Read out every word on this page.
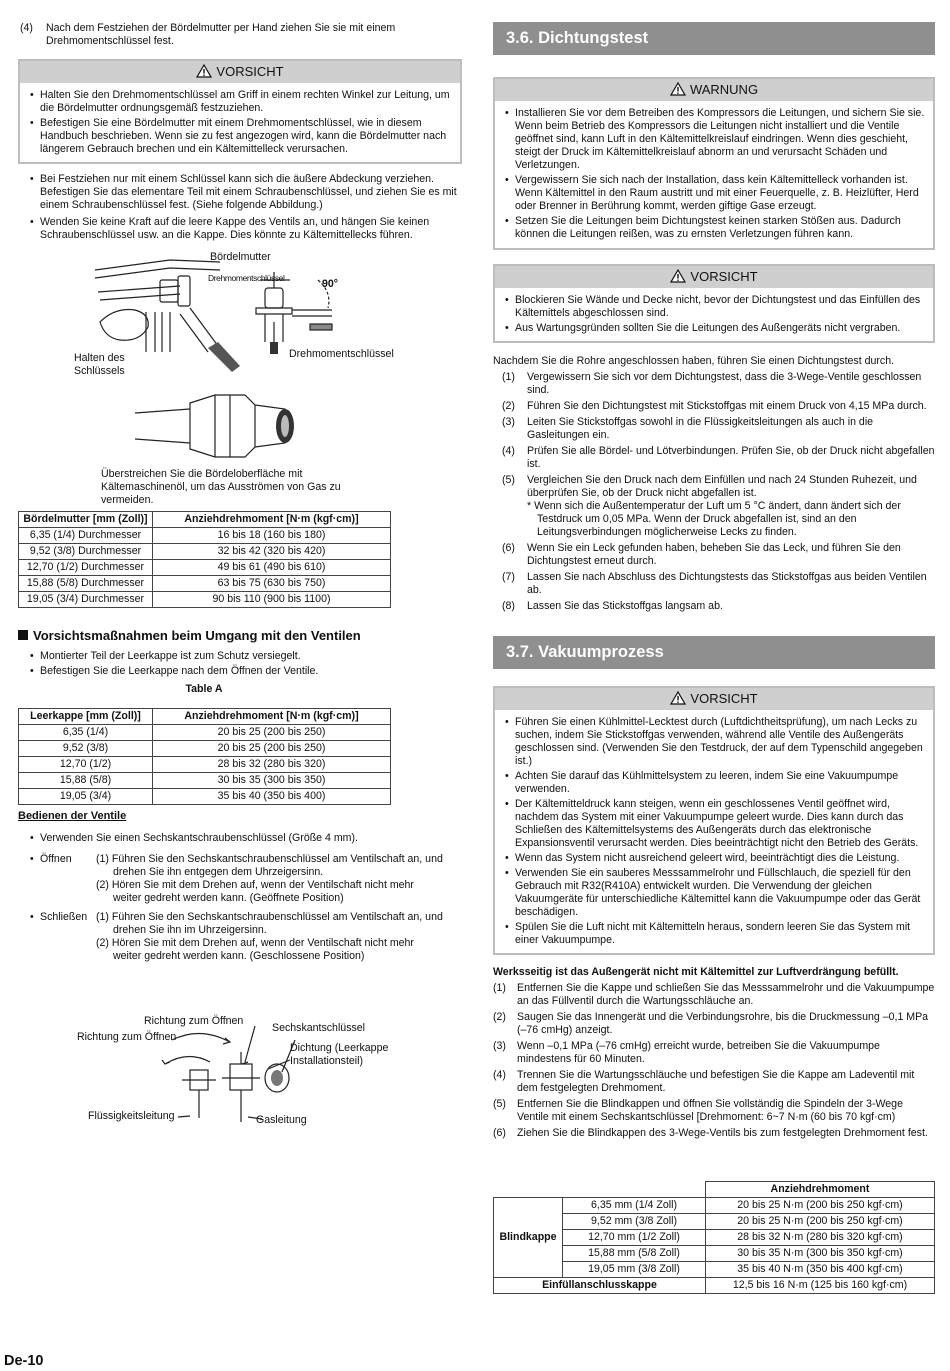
(4) Nach dem Festziehen der Bördelmutter per Hand ziehen Sie sie mit einem Drehmomentschlüssel fest.
VORSICHT
• Halten Sie den Drehmomentschlüssel am Griff in einem rechten Winkel zur Leitung, um die Bördelmutter ordnungsgemäß festzuziehen.
• Befestigen Sie eine Bördelmutter mit einem Drehmomentschlüssel, wie in diesem Handbuch beschrieben. Wenn sie zu fest angezogen wird, kann die Bördelmutter nach längerem Gebrauch brechen und ein Kältemittelleck verursachen.
• Bei Festziehen nur mit einem Schlüssel kann sich die äußere Abdeckung verziehen. Befestigen Sie das elementare Teil mit einem Schraubenschlüssel, und ziehen Sie es mit einem Schraubenschlüssel fest. (Siehe folgende Abbildung.)
• Wenden Sie keine Kraft auf die leere Kappe des Ventils an, und hängen Sie keinen Schraubenschlüssel usw. an die Kappe. Dies könnte zu Kältemittellecks führen.
Bördelmutter
Drehmomentschlüssel	90°
Halten des Schlüssels
Drehmomentschlüssel
Überstreichen Sie die Bördeloberfläche mit Kältemaschinenöl, um das Ausströmen von Gas zu vermeiden.
Bördelmutter [mm (Zoll)]	Anziehdrehmoment [N·m (kgf·cm)]
6,35 (1/4) Durchmesser	16 bis 18 (160 bis 180)
9,52 (3/8) Durchmesser	32 bis 42 (320 bis 420)
12,70 (1/2) Durchmesser	49 bis 61 (490 bis 610)
15,88 (5/8) Durchmesser	63 bis 75 (630 bis 750)
19,05 (3/4) Durchmesser	90 bis 110 (900 bis 1100)
Vorsichtsmaßnahmen beim Umgang mit den Ventilen
• Montierter Teil der Leerkappe ist zum Schutz versiegelt.
• Befestigen Sie die Leerkappe nach dem Öffnen der Ventile.
Table A
Leerkappe [mm (Zoll)]	Anziehdrehmoment [N·m (kgf·cm)]
6,35 (1/4)	20 bis 25 (200 bis 250)
9,52 (3/8)	20 bis 25 (200 bis 250)
12,70 (1/2)	28 bis 32 (280 bis 320)
15,88 (5/8)	30 bis 35 (300 bis 350)
19,05 (3/4)	35 bis 40 (350 bis 400)
Bedienen der Ventile
• Verwenden Sie einen Sechskantschraubenschlüssel (Größe 4 mm).
• Öffnen (1) Führen Sie den Sechskantschraubenschlüssel am Ventilschaft an, und drehen Sie ihn entgegen dem Uhrzeigersinn.
(2) Hören Sie mit dem Drehen auf, wenn der Ventilschaft nicht mehr weiter gedreht werden kann. (Geöffnete Position)
• Schließen (1) Führen Sie den Sechskantschraubenschlüssel am Ventilschaft an, und drehen Sie ihn im Uhrzeigersinn.
(2) Hören Sie mit dem Drehen auf, wenn der Ventilschaft nicht mehr weiter gedreht werden kann. (Geschlossene Position)
Richtung zum Öffnen
Richtung zum Öffnen
Sechskantschlüssel
Dichtung (Leerkappe Installationsteil)
Flüssigkeitsleitung	Gasleitung
De-10
3.6. Dichtungstest
WARNUNG
• Installieren Sie vor dem Betreiben des Kompressors die Leitungen, und sichern Sie sie. Wenn beim Betrieb des Kompressors die Leitungen nicht installiert und die Ventile geöffnet sind, kann Luft in den Kältemittelkreislauf eindringen. Wenn dies geschieht, steigt der Druck im Kältemittelkreislauf abnorm an und verursacht Schäden und Verletzungen.
• Vergewissern Sie sich nach der Installation, dass kein Kältemittelleck vorhanden ist. Wenn Kältemittel in den Raum austritt und mit einer Feuerquelle, z. B. Heizlüfter, Herd oder Brenner in Berührung kommt, werden giftige Gase erzeugt.
• Setzen Sie die Leitungen beim Dichtungstest keinen starken Stößen aus. Dadurch können die Leitungen reißen, was zu ernsten Verletzungen führen kann.
VORSICHT
• Blockieren Sie Wände und Decke nicht, bevor der Dichtungstest und das Einfüllen des Kältemittels abgeschlossen sind.
• Aus Wartungsgründen sollten Sie die Leitungen des Außengeräts nicht vergraben.
Nachdem Sie die Rohre angeschlossen haben, führen Sie einen Dichtungstest durch.
(1) Vergewissern Sie sich vor dem Dichtungstest, dass die 3-Wege-Ventile geschlossen sind.
(2) Führen Sie den Dichtungstest mit Stickstoffgas mit einem Druck von 4,15 MPa durch.
(3) Leiten Sie Stickstoffgas sowohl in die Flüssigkeitsleitungen als auch in die Gasleitungen ein.
(4) Prüfen Sie alle Bördel- und Lötverbindungen. Prüfen Sie, ob der Druck nicht abgefallen ist.
(5) Vergleichen Sie den Druck nach dem Einfüllen und nach 24 Stunden Ruhezeit, und überprüfen Sie, ob der Druck nicht abgefallen ist.
* Wenn sich die Außentemperatur der Luft um 5 °C ändert, dann ändert sich der Testdruck um 0,05 MPa. Wenn der Druck abgefallen ist, sind an den Leitungsverbindungen möglicherweise Lecks zu finden.
(6) Wenn Sie ein Leck gefunden haben, beheben Sie das Leck, und führen Sie den Dichtungstest erneut durch.
(7) Lassen Sie nach Abschluss des Dichtungstests das Stickstoffgas aus beiden Ventilen ab.
(8) Lassen Sie das Stickstoffgas langsam ab.
3.7. Vakuumprozess
VORSICHT
• Führen Sie einen Kühlmittel-Lecktest durch (Luftdichtheitsprüfung), um nach Lecks zu suchen, indem Sie Stickstoffgas verwenden, während alle Ventile des Außengeräts geschlossen sind. (Verwenden Sie den Testdruck, der auf dem Typenschild angegeben ist.)
• Achten Sie darauf das Kühlmittelsystem zu leeren, indem Sie eine Vakuumpumpe verwenden.
• Der Kältemitteldruck kann steigen, wenn ein geschlossenes Ventil geöffnet wird, nachdem das System mit einer Vakuumpumpe geleert wurde. Dies kann durch das Schließen des Kältemittelsystems des Außengeräts durch das elektronische Expansionsventil verursacht werden. Dies beeinträchtigt nicht den Betrieb des Geräts.
• Wenn das System nicht ausreichend geleert wird, beeinträchtigt dies die Leistung.
• Verwenden Sie ein sauberes Messsammelrohr und Füllschlauch, die speziell für den Gebrauch mit R32(R410A) entwickelt wurden. Die Verwendung der gleichen Vakuumgeräte für unterschiedliche Kältemittel kann die Vakuumpumpe oder das Gerät beschädigen.
• Spülen Sie die Luft nicht mit Kältemitteln heraus, sondern leeren Sie das System mit einer Vakuumpumpe.
Werksseitig ist das Außengerät nicht mit Kältemittel zur Luftverdrängung befüllt.
(1) Entfernen Sie die Kappe und schließen Sie das Messsammelrohr und die Vakuumpumpe an das Füllventil durch die Wartungsschläuche an.
(2) Saugen Sie das Innengerät und die Verbindungsrohre, bis die Druckmessung –0,1 MPa (–76 cmHg) anzeigt.
(3) Wenn –0,1 MPa (–76 cmHg) erreicht wurde, betreiben Sie die Vakuumpumpe mindestens für 60 Minuten.
(4) Trennen Sie die Wartungsschläuche und befestigen Sie die Kappe am Ladeventil mit dem festgelegten Drehmoment.
(5) Entfernen Sie die Blindkappen und öffnen Sie vollständig die Spindeln der 3-Wege Ventile mit einem Sechskantschlüssel [Drehmoment: 6~7 N·m (60 bis 70 kgf·cm)
(6) Ziehen Sie die Blindkappen des 3-Wege-Ventils bis zum festgelegten Drehmoment fest.
		Anziehdrehmoment
Blindkappe	6,35 mm (1/4 Zoll)	20 bis 25 N·m (200 bis 250 kgf·cm)
	9,52 mm (3/8 Zoll)	20 bis 25 N·m (200 bis 250 kgf·cm)
	12,70 mm (1/2 Zoll)	28 bis 32 N·m (280 bis 320 kgf·cm)
	15,88 mm (5/8 Zoll)	30 bis 35 N·m (300 bis 350 kgf·cm)
	19,05 mm (3/8 Zoll)	35 bis 40 N·m (350 bis 400 kgf·cm)
Einfüllanschlusskappe		12,5 bis 16 N·m (125 bis 160 kgf·cm)
